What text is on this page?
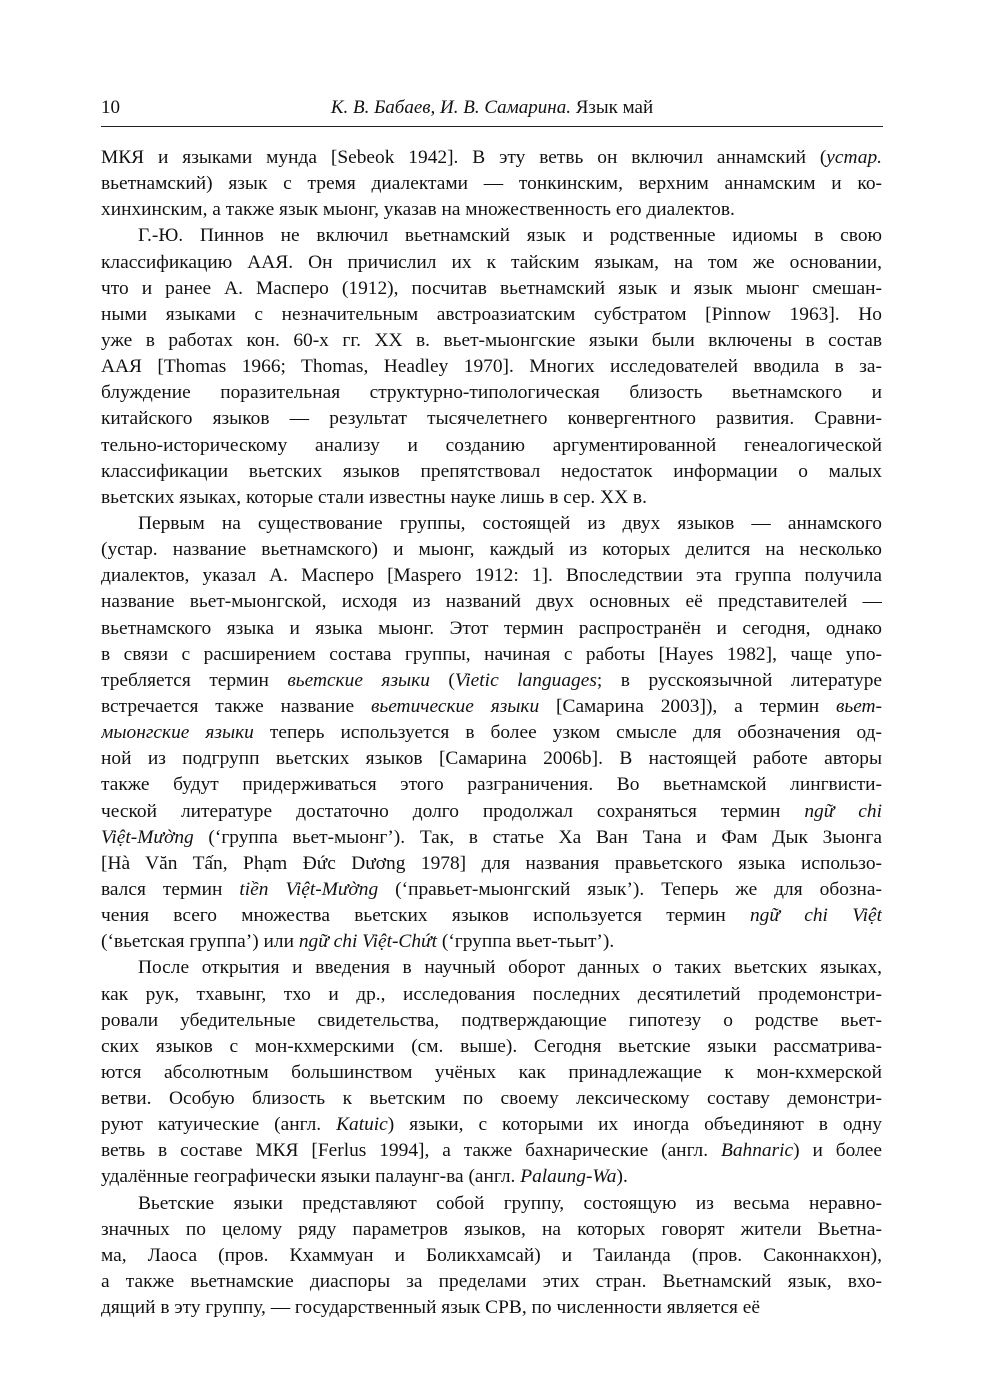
10	К. В. Бабаев, И. В. Самарина. Язык май
МКЯ и языками мунда [Sebeok 1942]. В эту ветвь он включил аннамский (устар.
вьетнамский) язык с тремя диалектами — тонкинским, верхним аннамским и ко-
хинхинским, а также язык мыонг, указав на множественность его диалектов.
Г.-Ю. Пиннов не включил вьетнамский язык и родственные идиомы в свою
классификацию ААЯ. Он причислил их к тайским языкам, на том же основании,
что и ранее А. Масперо (1912), посчитав вьетнамский язык и язык мыонг смешан-
ными языками с незначительным австроазиатским субстратом [Pinnow 1963]. Но
уже в работах кон. 60-х гг. XX в. вьет-мыонгские языки были включены в состав
ААЯ [Thomas 1966; Thomas, Headley 1970]. Многих исследователей вводила в за-
блуждение поразительная структурно-типологическая близость вьетнамского и
китайского языков — результат тысячелетнего конвергентного развития. Сравни-
тельно-историческому анализу и созданию аргументированной генеалогической
классификации вьетских языков препятствовал недостаток информации о малых
вьетских языках, которые стали известны науке лишь в сер. XX в.
Первым на существование группы, состоящей из двух языков — аннамского
(устар. название вьетнамского) и мыонг, каждый из которых делится на несколько
диалектов, указал А. Масперо [Maspero 1912: 1]. Впоследствии эта группа получила
название вьет-мыонгской, исходя из названий двух основных её представителей —
вьетнамского языка и языка мыонг. Этот термин распространён и сегодня, однако
в связи с расширением состава группы, начиная с работы [Hayes 1982], чаще упо-
требляется термин вьетские языки (Vietic languages; в русскоязычной литературе
встречается также название вьетические языки [Самарина 2003]), а термин вьет-
мыонгские языки теперь используется в более узком смысле для обозначения од-
ной из подгрупп вьетских языков [Самарина 2006b]. В настоящей работе авторы
также будут придерживаться этого разграничения. Во вьетнамской лингвисти-
ческой литературе достаточно долго продолжал сохраняться термин ngữ chi
Việt-Mường (‘группа вьет-мыонг’). Так, в статье Ха Ван Тана и Фам Дык Зыонга
[Hà Văn Tấn, Phạm Đức Dương 1978] для названия правьетского языка использо-
вался термин tiền Việt-Mường (‘правьет-мыонгский язык’). Теперь же для обозна-
чения всего множества вьетских языков используется термин ngữ chi Việt
(‘вьетская группа’) или ngữ chi Việt-Chứt (‘группа вьет-тьыт’).
После открытия и введения в научный оборот данных о таких вьетских языках,
как рук, тхавынг, тхо и др., исследования последних десятилетий продемонстри-
ровали убедительные свидетельства, подтверждающие гипотезу о родстве вьет-
ских языков с мон-кхмерскими (см. выше). Сегодня вьетские языки рассматрива-
ются абсолютным большинством учёных как принадлежащие к мон-кхмерской
ветви. Особую близость к вьетским по своему лексическому составу демонстри-
руют катуические (англ. Katuic) языки, с которыми их иногда объединяют в одну
ветвь в составе МКЯ [Ferlus 1994], а также бахнарические (англ. Bahnaric) и более
удалённые географически языки палаунг-ва (англ. Palaung-Wa).
Вьетские языки представляют собой группу, состоящую из весьма неравно-
значных по целому ряду параметров языков, на которых говорят жители Вьетна-
ма, Лаоса (пров. Кхаммуан и Боликхамсай) и Таиланда (пров. Саконнакхон),
а также вьетнамские диаспоры за пределами этих стран. Вьетнамский язык, вхо-
дящий в эту группу, — государственный язык СРВ, по численности является её
